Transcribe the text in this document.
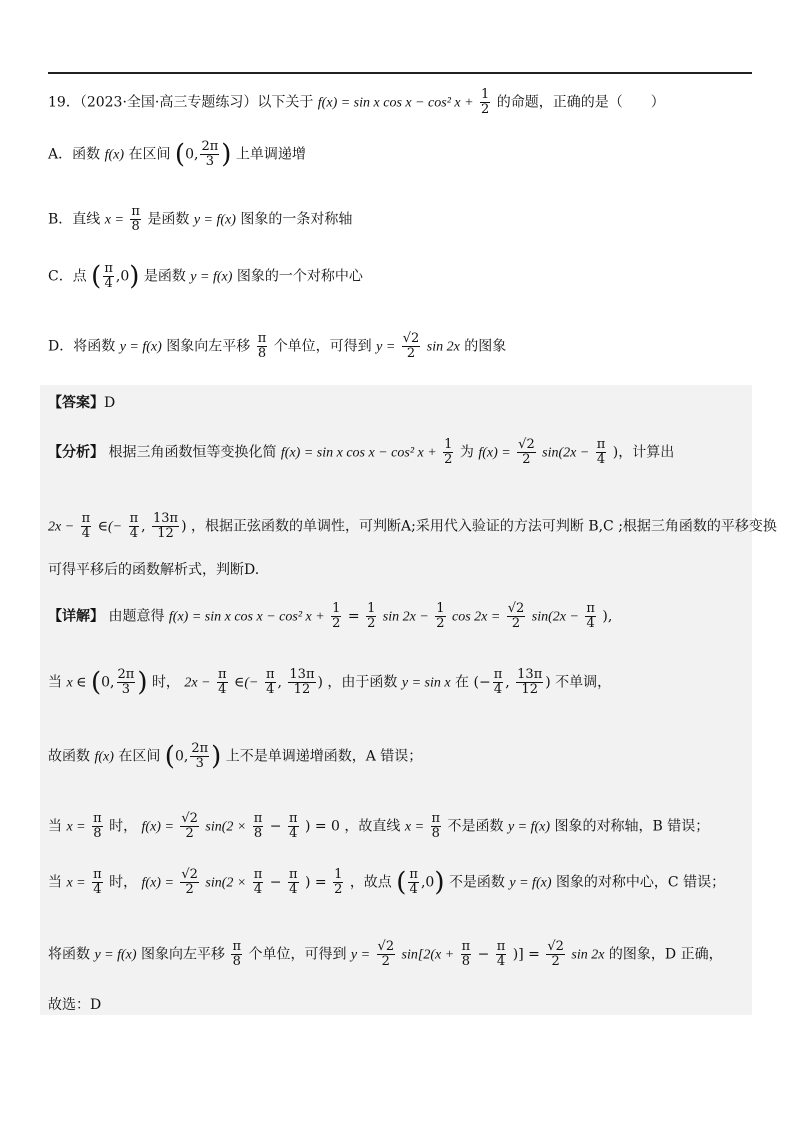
19．（2023·全国·高三专题练习）以下关于 f(x) = sin x cos x − cos² $x + \frac{1}{2}$ 的命题，正确的是（　　）
A．函数 f(x) 在区间 (0, $\frac{2\pi}{3}$ ) 上单调递增
B．直线 $x = \frac{\pi}{8}$ 是函数 y = f(x) 图象的一条对称轴
C．点 ( $\frac{\pi}{4} ,0$) 是函数 y = f(x) 图象的一个对称中心
D．将函数 y = f(x) 图象向左平移 $\frac{\pi}{8}$ 个单位，可得到 $y = \frac{√2}{2}$ sin 2x 的图象
【答案】D
【分析】 根据三角函数恒等变换化简 f(x) = sin x cos x − cos² $x + \frac{1}{2}$ 为 $f(x) = \frac{√2}{2} \sin(2x - \frac{\pi}{4}$ )，计算出
$2x - \frac{\pi}{4}$ ∈(− $\frac{\pi}{4}$ , $\frac{13\pi}{12}$ ) ，根据正弦函数的单调性，可判断A;采用代入验证的方法可判断 B,C ;根据三角函数的平移变换
可得平移后的函数解析式，判断D.
【详解】 由题意得 f(x) = sin x cos x − cos² $x + \frac{1}{2} = \frac{1}{2}$ $\sin 2x - \frac{1}{2}$ $\cos 2x = \frac{√2}{2} \sin(2x - \frac{\pi}{4}$ ),
当 x ∈ (0, $\frac{2\pi}{3}$ ) 时， $2x - \frac{\pi}{4}$ ∈(− $\frac{\pi}{4}$ , $\frac{13\pi}{12}$ ) ，由于函数 y = sin x 在 (− $\frac{\pi}{4}$ , $\frac{13\pi}{12}$ ) 不单调，
故函数 f(x) 在区间 (0, $\frac{2\pi}{3}$ ) 上不是单调递增函数，A 错误；
当 $x = \frac{\pi}{8}$ 时， $f(x) = \frac{√2}{2} \sin(2 \times \frac{\pi}{8} - \frac{\pi}{4}$ ) = 0 ，故直线 $x = \frac{\pi}{8}$ 不是函数 y = f(x) 图象的对称轴，B 错误；
当 $x = \frac{\pi}{4}$ 时， $f(x) = \frac{√2}{2} \sin(2 \times \frac{\pi}{4} - \frac{\pi}{4}$ ) = $\frac{1}{2}$ ，故点 ( $\frac{\pi}{4} ,0$) 不是函数 y = f(x) 图象的对称中心，C 错误；
将函数 y = f(x) 图象向左平移 $\frac{\pi}{8}$ 个单位，可得到 $y = \frac{√2}{2} \sin[2(x + \frac{\pi}{8} - \frac{\pi}{4}$ )] = $\frac{√2}{2}$ sin 2x 的图象，D 正确，
故选：D
